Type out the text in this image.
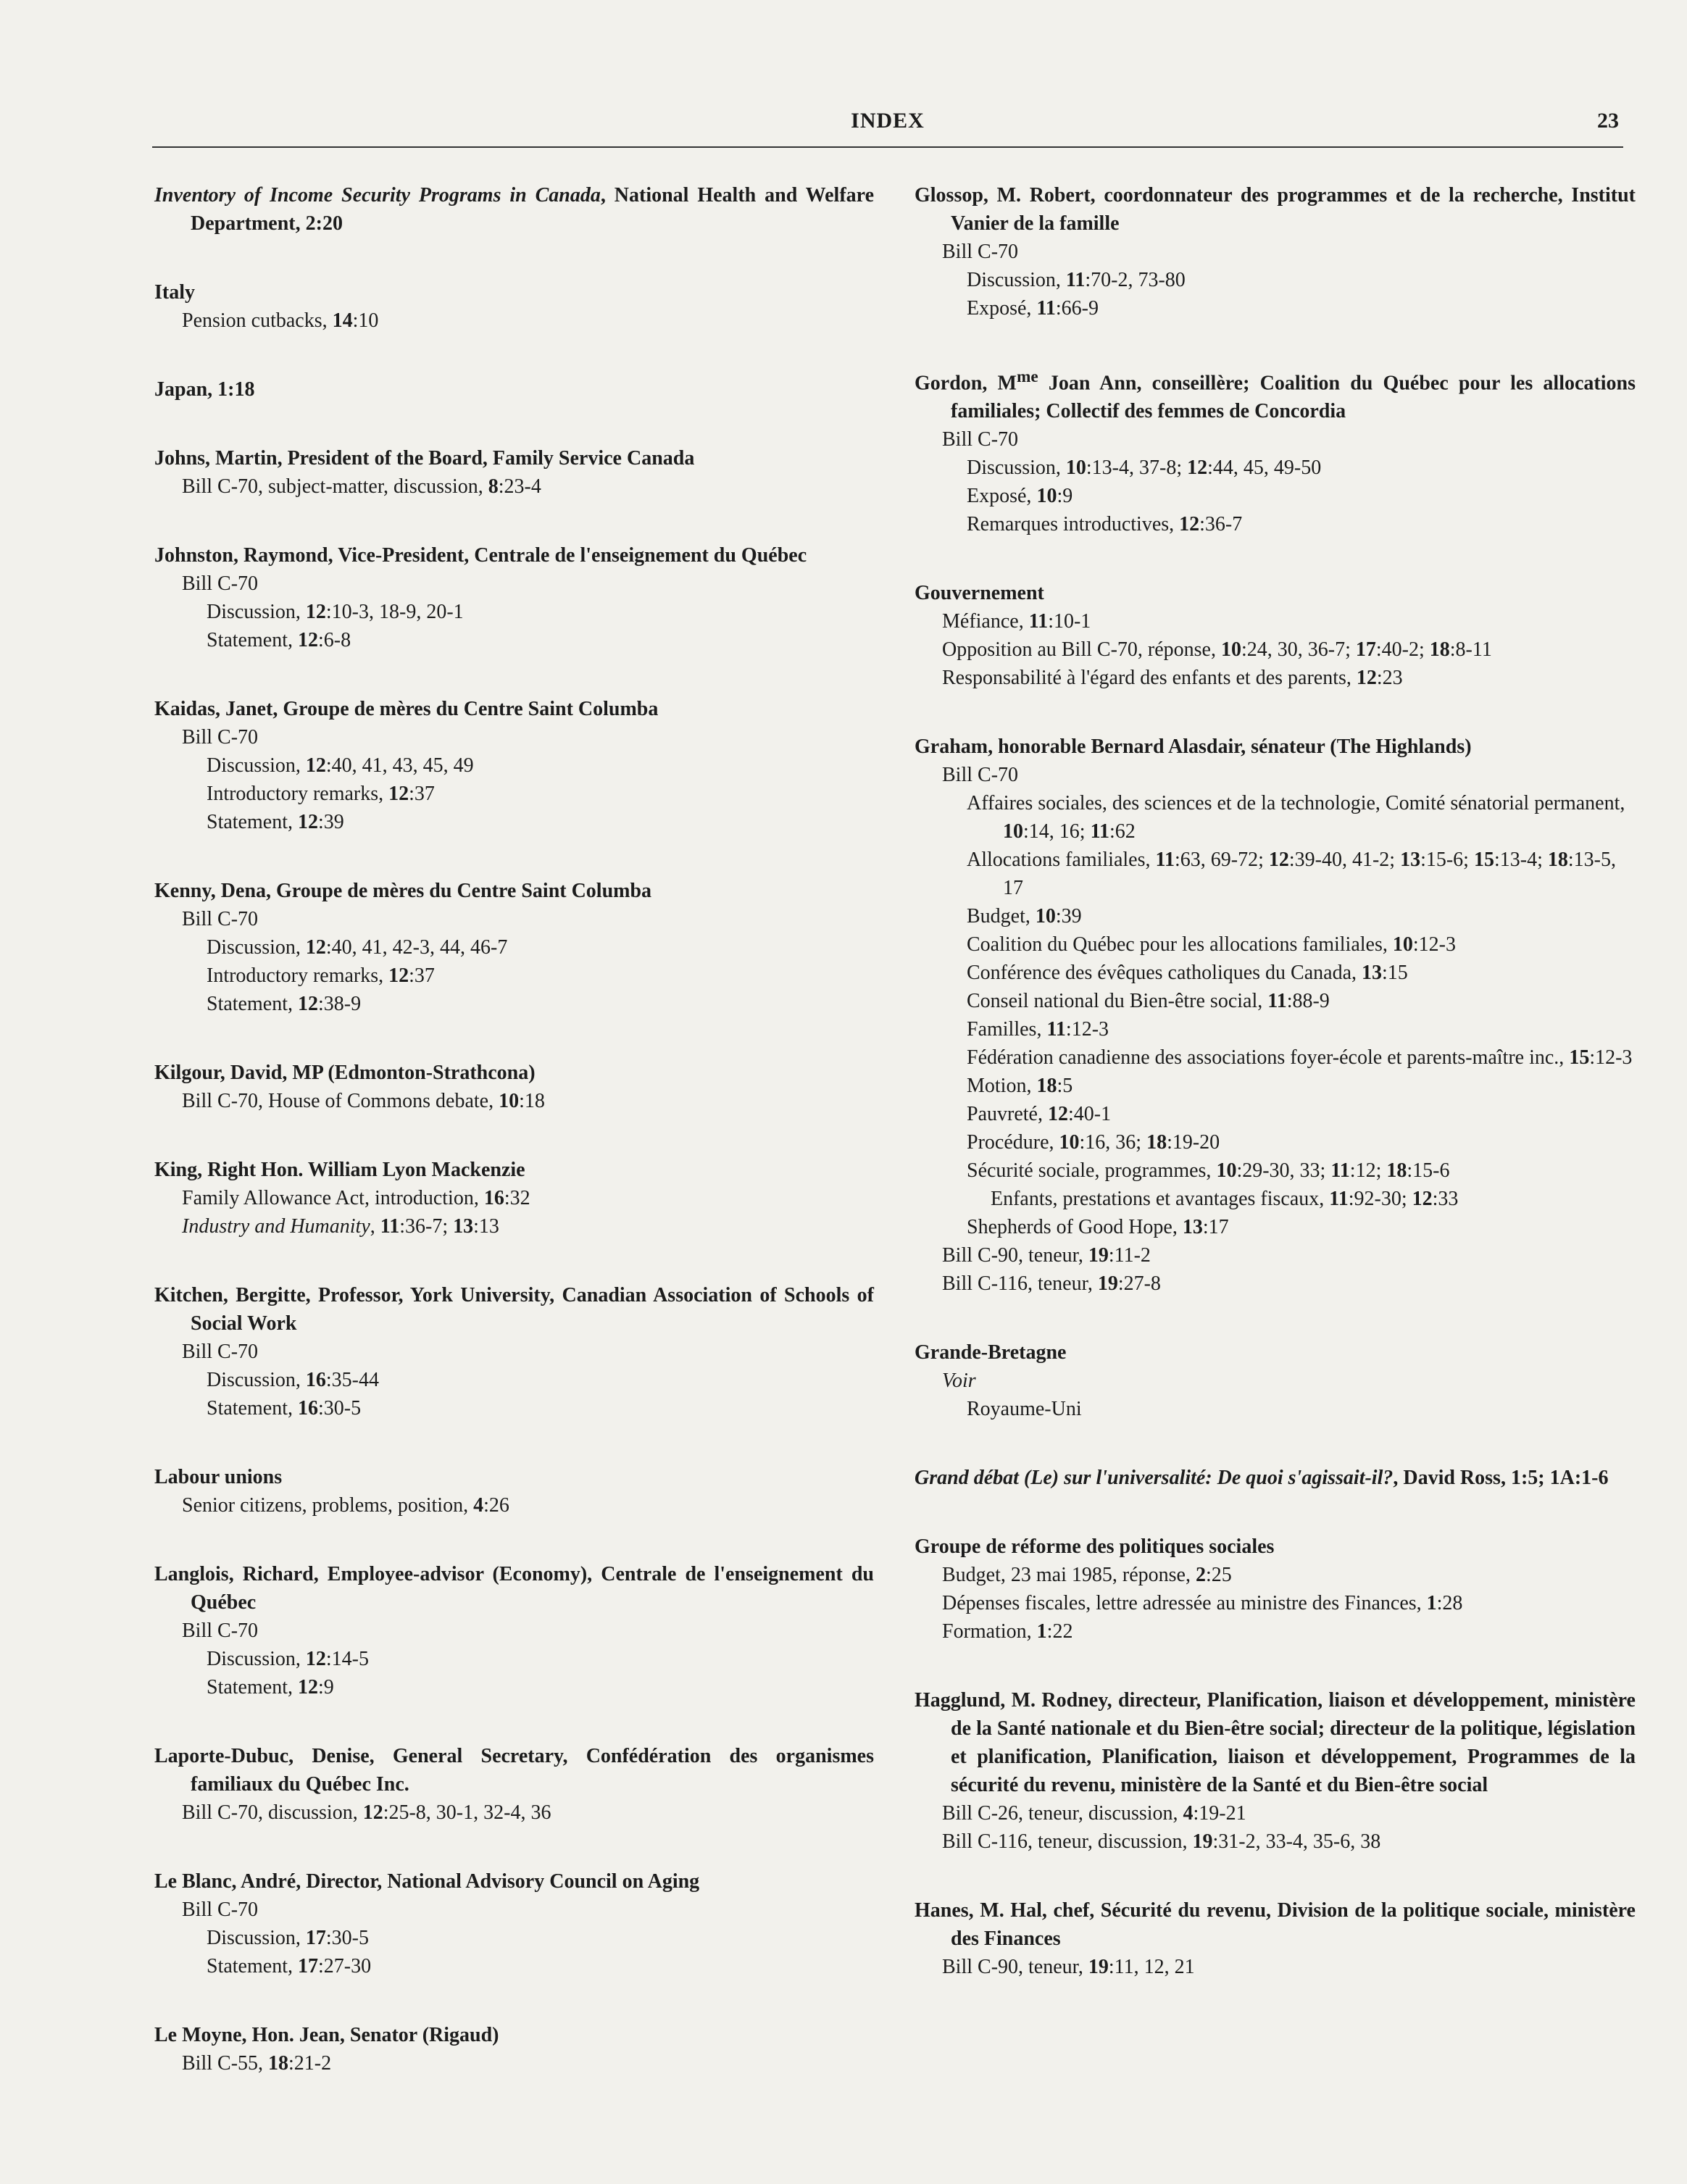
INDEX	23
Inventory of Income Security Programs in Canada, National Health and Welfare Department, 2:20
Italy
Pension cutbacks, 14:10
Japan, 1:18
Johns, Martin, President of the Board, Family Service Canada
Bill C-70, subject-matter, discussion, 8:23-4
Johnston, Raymond, Vice-President, Centrale de l'enseignement du Québec
Bill C-70
Discussion, 12:10-3, 18-9, 20-1
Statement, 12:6-8
Kaidas, Janet, Groupe de mères du Centre Saint Columba
Bill C-70
Discussion, 12:40, 41, 43, 45, 49
Introductory remarks, 12:37
Statement, 12:39
Kenny, Dena, Groupe de mères du Centre Saint Columba
Bill C-70
Discussion, 12:40, 41, 42-3, 44, 46-7
Introductory remarks, 12:37
Statement, 12:38-9
Kilgour, David, MP (Edmonton-Strathcona)
Bill C-70, House of Commons debate, 10:18
King, Right Hon. William Lyon Mackenzie
Family Allowance Act, introduction, 16:32
Industry and Humanity, 11:36-7; 13:13
Kitchen, Bergitte, Professor, York University, Canadian Association of Schools of Social Work
Bill C-70
Discussion, 16:35-44
Statement, 16:30-5
Labour unions
Senior citizens, problems, position, 4:26
Langlois, Richard, Employee-advisor (Economy), Centrale de l'enseignement du Québec
Bill C-70
Discussion, 12:14-5
Statement, 12:9
Laporte-Dubuc, Denise, General Secretary, Confédération des organismes familiaux du Québec Inc.
Bill C-70, discussion, 12:25-8, 30-1, 32-4, 36
Le Blanc, André, Director, National Advisory Council on Aging
Bill C-70
Discussion, 17:30-5
Statement, 17:27-30
Le Moyne, Hon. Jean, Senator (Rigaud)
Bill C-55, 18:21-2
Glossop, M. Robert, coordonnateur des programmes et de la recherche, Institut Vanier de la famille
Bill C-70
Discussion, 11:70-2, 73-80
Exposé, 11:66-9
Gordon, $M^{me}$ Joan Ann, conseillère; Coalition du Québec pour les allocations familiales; Collectif des femmes de Concordia
Bill C-70
Discussion, 10:13-4, 37-8; 12:44, 45, 49-50
Exposé, 10:9
Remarques introductives, 12:36-7
Gouvernement
Méfiance, 11:10-1
Opposition au Bill C-70, réponse, 10:24, 30, 36-7; 17:40-2; 18:8-11
Responsabilité à l'égard des enfants et des parents, 12:23
Graham, honorable Bernard Alasdair, sénateur (The Highlands)
Bill C-70
Affaires sociales, des sciences et de la technologie, Comité sénatorial permanent, 10:14, 16; 11:62
Allocations familiales, 11:63, 69-72; 12:39-40, 41-2; 13:15-6; 15:13-4; 18:13-5, 17
Budget, 10:39
Coalition du Québec pour les allocations familiales, 10:12-3
Conférence des évêques catholiques du Canada, 13:15
Conseil national du Bien-être social, 11:88-9
Familles, 11:12-3
Fédération canadienne des associations foyer-école et parents-maître inc., 15:12-3
Motion, 18:5
Pauvreté, 12:40-1
Procédure, 10:16, 36; 18:19-20
Sécurité sociale, programmes, 10:29-30, 33; 11:12; 18:15-6
Enfants, prestations et avantages fiscaux, 11:92-30; 12:33
Shepherds of Good Hope, 13:17
Bill C-90, teneur, 19:11-2
Bill C-116, teneur, 19:27-8
Grande-Bretagne
Voir
Royaume-Uni
Grand débat (Le) sur l'universalité: De quoi s'agissait-il?, David Ross, 1:5; 1A:1-6
Groupe de réforme des politiques sociales
Budget, 23 mai 1985, réponse, 2:25
Dépenses fiscales, lettre adressée au ministre des Finances, 1:28
Formation, 1:22
Hagglund, M. Rodney, directeur, Planification, liaison et développement, ministère de la Santé nationale et du Bien-être social; directeur de la politique, législation et planification, Planification, liaison et développement, Programmes de la sécurité du revenu, ministère de la Santé et du Bien-être social
Bill C-26, teneur, discussion, 4:19-21
Bill C-116, teneur, discussion, 19:31-2, 33-4, 35-6, 38
Hanes, M. Hal, chef, Sécurité du revenu, Division de la politique sociale, ministère des Finances
Bill C-90, teneur, 19:11, 12, 21
